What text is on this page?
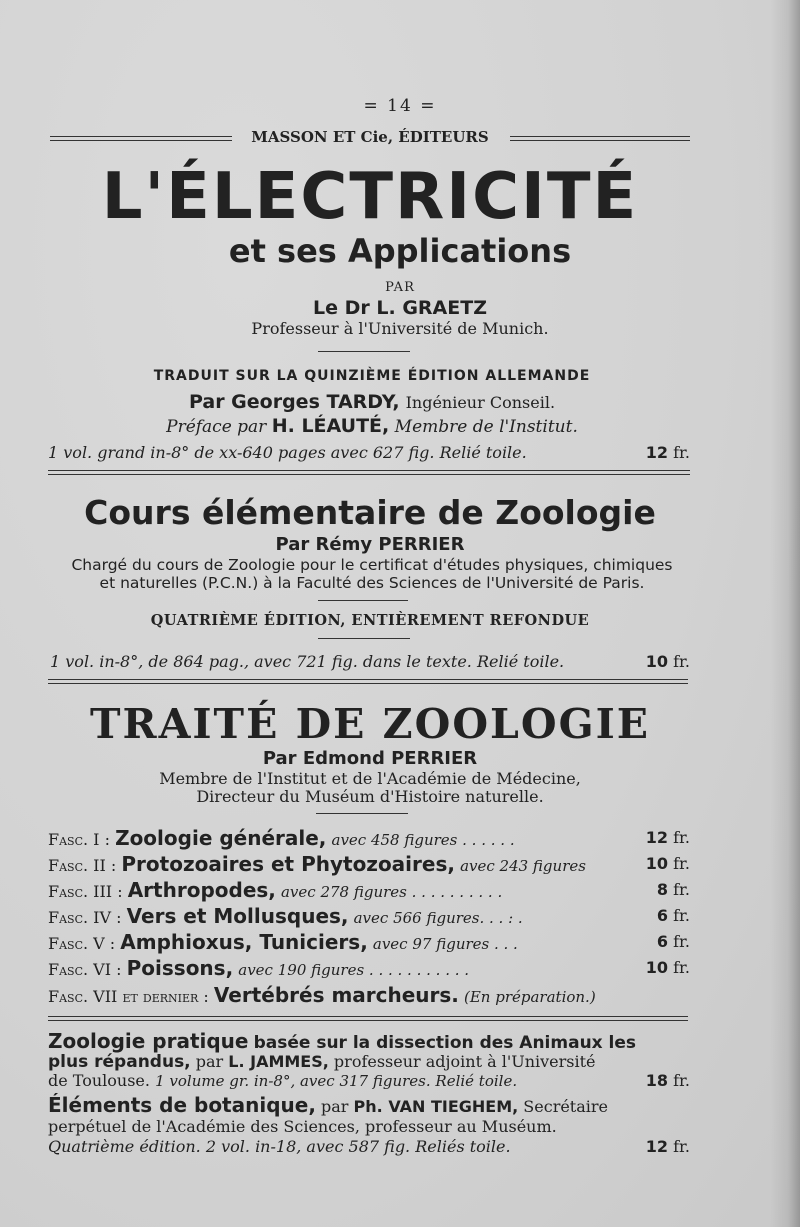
= 14 =
MASSON ET Cie, ÉDITEURS
L'ÉLECTRICITÉ
et ses Applications
PAR
Le Dr L. GRAETZ
Professeur à l'Université de Munich.
TRADUIT SUR LA QUINZIÈME ÉDITION ALLEMANDE
Par Georges TARDY, Ingénieur Conseil.
Préface par H. LÉAUTÉ, Membre de l'Institut.
1 vol. grand in-8° de xx-640 pages avec 627 fig. Relié toile.	12 fr.
Cours élémentaire de Zoologie
Par Rémy PERRIER
Chargé du cours de Zoologie pour le certificat d'études physiques, chimiques
et naturelles (P.C.N.) à la Faculté des Sciences de l'Université de Paris.
QUATRIÈME ÉDITION, ENTIÈREMENT REFONDUE
1 vol. in-8°, de 864 pag., avec 721 fig. dans le texte. Relié toile.	10 fr.
TRAITÉ DE ZOOLOGIE
Par Edmond PERRIER
Membre de l'Institut et de l'Académie de Médecine,
Directeur du Muséum d'Histoire naturelle.
Fasc. I : Zoologie générale, avec 458 figures . . . . . .	12 fr.
Fasc. II : Protozoaires et Phytozoaires, avec 243 figures	10 fr.
Fasc. III : Arthropodes, avec 278 figures . . . . . . . . . .	8 fr.
Fasc. IV : Vers et Mollusques, avec 566 figures. . . : .	6 fr.
Fasc. V : Amphioxus, Tuniciers, avec 97 figures . . .	6 fr.
Fasc. VI : Poissons, avec 190 figures . . . . . . . . . . .	10 fr.
Fasc. VII et dernier : Vertébrés marcheurs. (En préparation.)
Zoologie pratique basée sur la dissection des Animaux les
plus répandus, par L. JAMMES, professeur adjoint à l'Université
de Toulouse. 1 volume gr. in-8°, avec 317 figures. Relié toile.	18 fr.
Éléments de botanique, par Ph. VAN TIEGHEM, Secrétaire
perpétuel de l'Académie des Sciences, professeur au Muséum.
Quatrième édition. 2 vol. in-18, avec 587 fig. Reliés toile.	12 fr.
